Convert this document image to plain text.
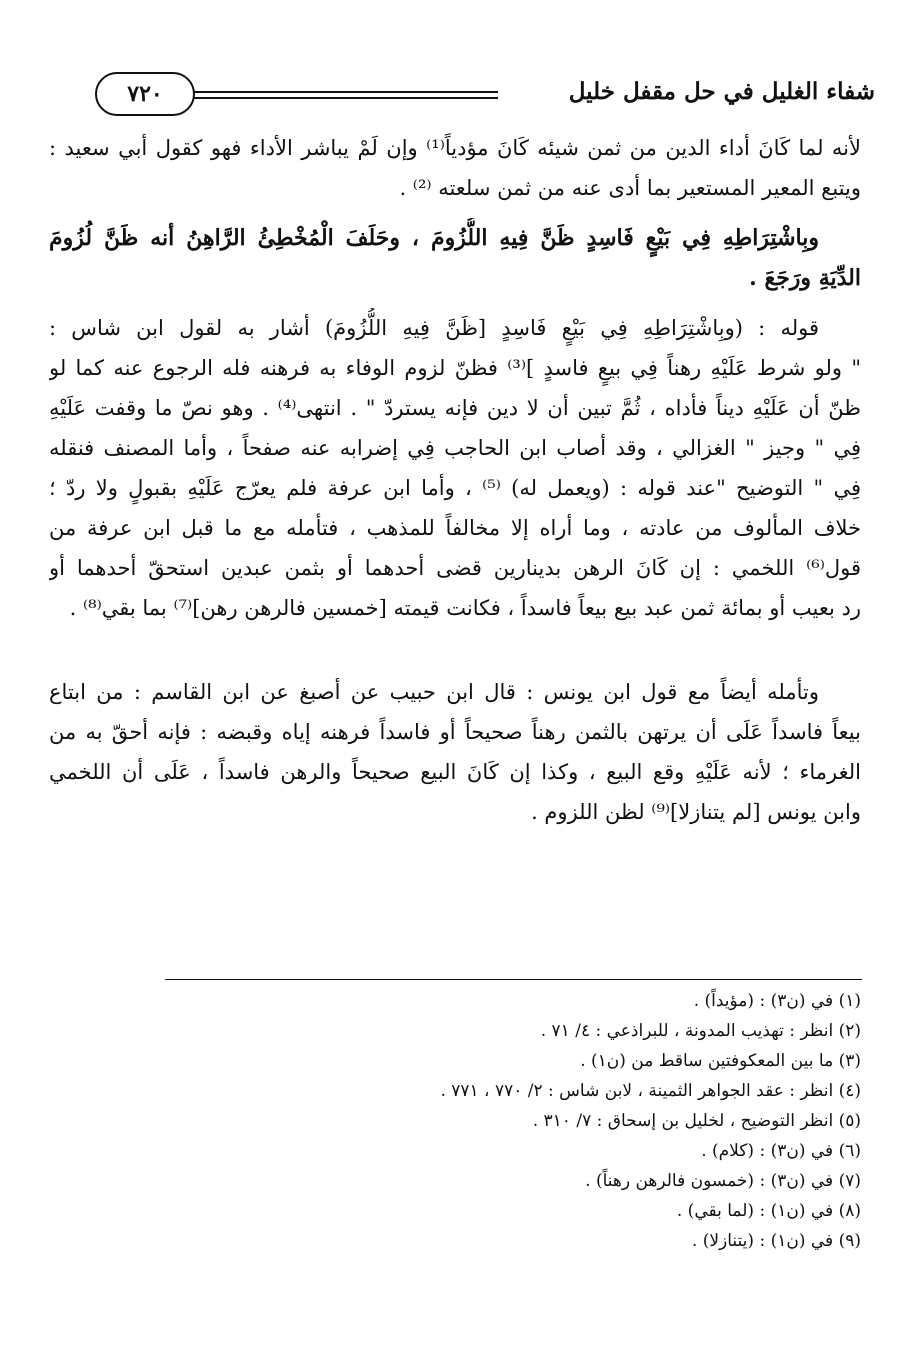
٧٢٠	شفاء الغليل في حل مقفل خليل
لأنه لما كَانَ أداء الدين من ثمن شيئه كَانَ مؤدياً⁽¹⁾ وإن لَمْ يباشر الأداء فهو كقول أبي سعيد :
ويتبع المعير المستعير بما أدى عنه من ثمن سلعته ⁽²⁾ .
وبِاشْتِرَاطِهِ فِي بَيْعٍ فَاسِدٍ ظَنَّ فِيهِ اللُّزُومَ ، وحَلَفَ الْمُخْطِئُ الرَّاهِنُ أنه ظَنَّ لُزُومَ
الدِّيَةِ ورَجَعَ .
قوله : (وبِاشْتِرَاطِهِ فِي بَيْعٍ فَاسِدٍ [ظَنَّ فِيهِ اللُّزُومَ) أشار به لقول ابن شاس :
" ولو شرط عَلَيْهِ رهناً فِي بيعٍ فاسدٍ ]⁽³⁾ فظنّ لزوم الوفاء به فرهنه فله الرجوع عنه كما لو
ظنّ أن عَلَيْهِ ديناً فأداه ، ثُمَّ تبين أن لا دين فإنه يستردّ " . انتهى⁽⁴⁾ . وهو نصّ ما وقفت عَلَيْهِ
فِي " وجيز " الغزالي ، وقد أصاب ابن الحاجب فِي إضرابه عنه صفحاً ، وأما المصنف فنقله
فِي " التوضيح "عند قوله : (ويعمل له) ⁽⁵⁾ ، وأما ابن عرفة فلم يعرّج عَلَيْهِ بقبولٍ ولا ردّ ؛
خلاف المألوف من عادته ، وما أراه إلا مخالفاً للمذهب ، فتأمله مع ما قبل ابن عرفة من
قول⁽⁶⁾ اللخمي : إن كَانَ الرهن بدينارين قضى أحدهما أو بثمن عبدين استحقّ أحدهما أو
رد بعيب أو بمائة ثمن عبد بيع بيعاً فاسداً ، فكانت قيمته [خمسين فالرهن رهن]⁽⁷⁾ بما بقي⁽⁸⁾ .
وتأمله أيضاً مع قول ابن يونس : قال ابن حبيب عن أصبغ عن ابن القاسم : من ابتاع
بيعاً فاسداً عَلَى أن يرتهن بالثمن رهناً صحيحاً أو فاسداً فرهنه إياه وقبضه : فإنه أحقّ به من
الغرماء ؛ لأنه عَلَيْهِ وقع البيع ، وكذا إن كَانَ البيع صحيحاً والرهن فاسداً ، عَلَى أن اللخمي
وابن يونس [لم يتنازلا]⁽⁹⁾ لظن اللزوم .
(١) في (ن٣) : (مؤيداً) .
(٢) انظر : تهذيب المدونة ، للبراذعي : ٤/ ٧١ .
(٣) ما بين المعكوفتين ساقط من (ن١) .
(٤) انظر : عقد الجواهر الثمينة ، لابن شاس : ٢/ ٧٧٠ ، ٧٧١ .
(٥) انظر التوضيح ، لخليل بن إسحاق : ٧/ ٣١٠ .
(٦) في (ن٣) : (كلام) .
(٧) في (ن٣) : (خمسون فالرهن رهناً) .
(٨) في (ن١) : (لما بقي) .
(٩) في (ن١) : (يتنازلا) .
